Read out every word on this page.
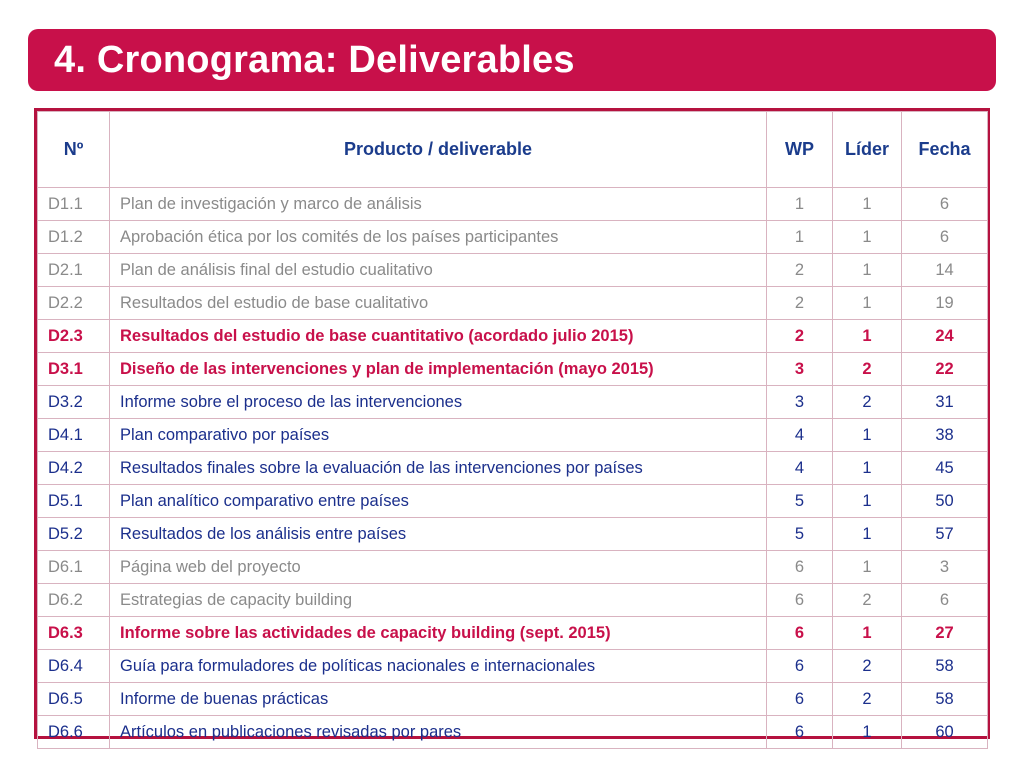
4. Cronograma: Deliverables
Nº	Producto / deliverable	WP	Líder	Fecha
D1.1	Plan de investigación y marco de análisis	1	1	6
D1.2	Aprobación ética por los comités de los países participantes	1	1	6
D2.1	Plan de análisis final del estudio cualitativo	2	1	14
D2.2	Resultados del estudio de base cualitativo	2	1	19
D2.3	Resultados del estudio de base cuantitativo (acordado julio 2015)	2	1	24
D3.1	Diseño de las intervenciones y plan de implementación (mayo 2015)	3	2	22
D3.2	Informe sobre el proceso de las intervenciones	3	2	31
D4.1	Plan comparativo por países	4	1	38
D4.2	Resultados finales sobre la evaluación de las intervenciones por países	4	1	45
D5.1	Plan analítico comparativo entre países	5	1	50
D5.2	Resultados de los análisis entre países	5	1	57
D6.1	Página web del proyecto	6	1	3
D6.2	Estrategias de capacity building	6	2	6
D6.3	Informe sobre las actividades de capacity building (sept. 2015)	6	1	27
D6.4	Guía para formuladores de políticas nacionales e internacionales	6	2	58
D6.5	Informe de buenas prácticas	6	2	58
D6.6	Artículos en publicaciones revisadas por pares	6	1	60
